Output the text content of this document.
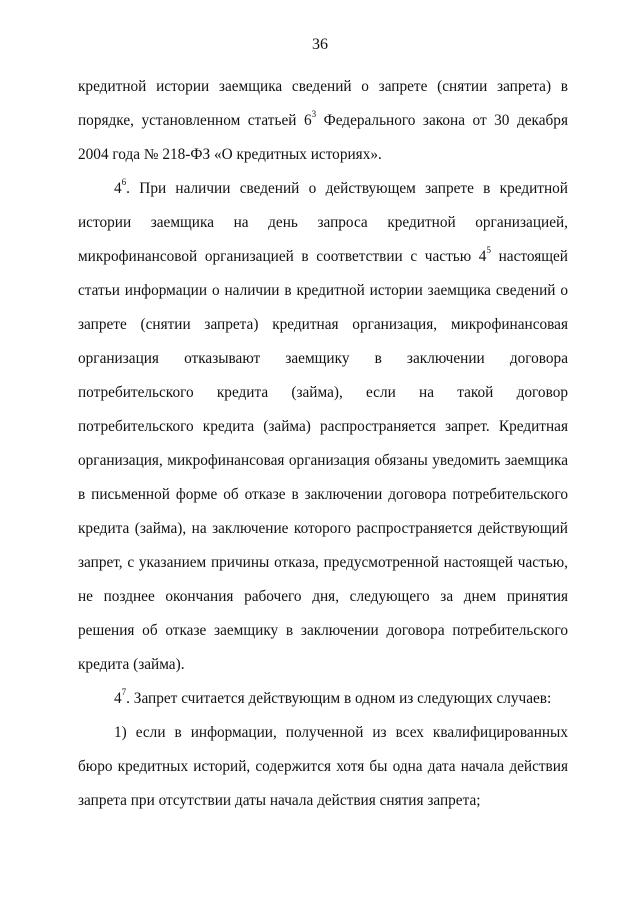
36

кредитной истории заемщика сведений о запрете (снятии запрета) в порядке, установленном статьей $6^3$ Федерального закона от 30 декабря 2004 года № 218-ФЗ «О кредитных историях».

$4^6$. При наличии сведений о действующем запрете в кредитной истории заемщика на день запроса кредитной организацией, микрофинансовой организацией в соответствии с частью $4^5$ настоящей статьи информации о наличии в кредитной истории заемщика сведений о запрете (снятии запрета) кредитная организация, микрофинансовая организация отказывают заемщику в заключении договора потребительского кредита (займа), если на такой договор потребительского кредита (займа) распространяется запрет. Кредитная организация, микрофинансовая организация обязаны уведомить заемщика в письменной форме об отказе в заключении договора потребительского кредита (займа), на заключение которого распространяется действующий запрет, с указанием причины отказа, предусмотренной настоящей частью, не позднее окончания рабочего дня, следующего за днем принятия решения об отказе заемщику в заключении договора потребительского кредита (займа).

$4^7$. Запрет считается действующим в одном из следующих случаев:

1) если в информации, полученной из всех квалифицированных бюро кредитных историй, содержится хотя бы одна дата начала действия запрета при отсутствии даты начала действия снятия запрета;
